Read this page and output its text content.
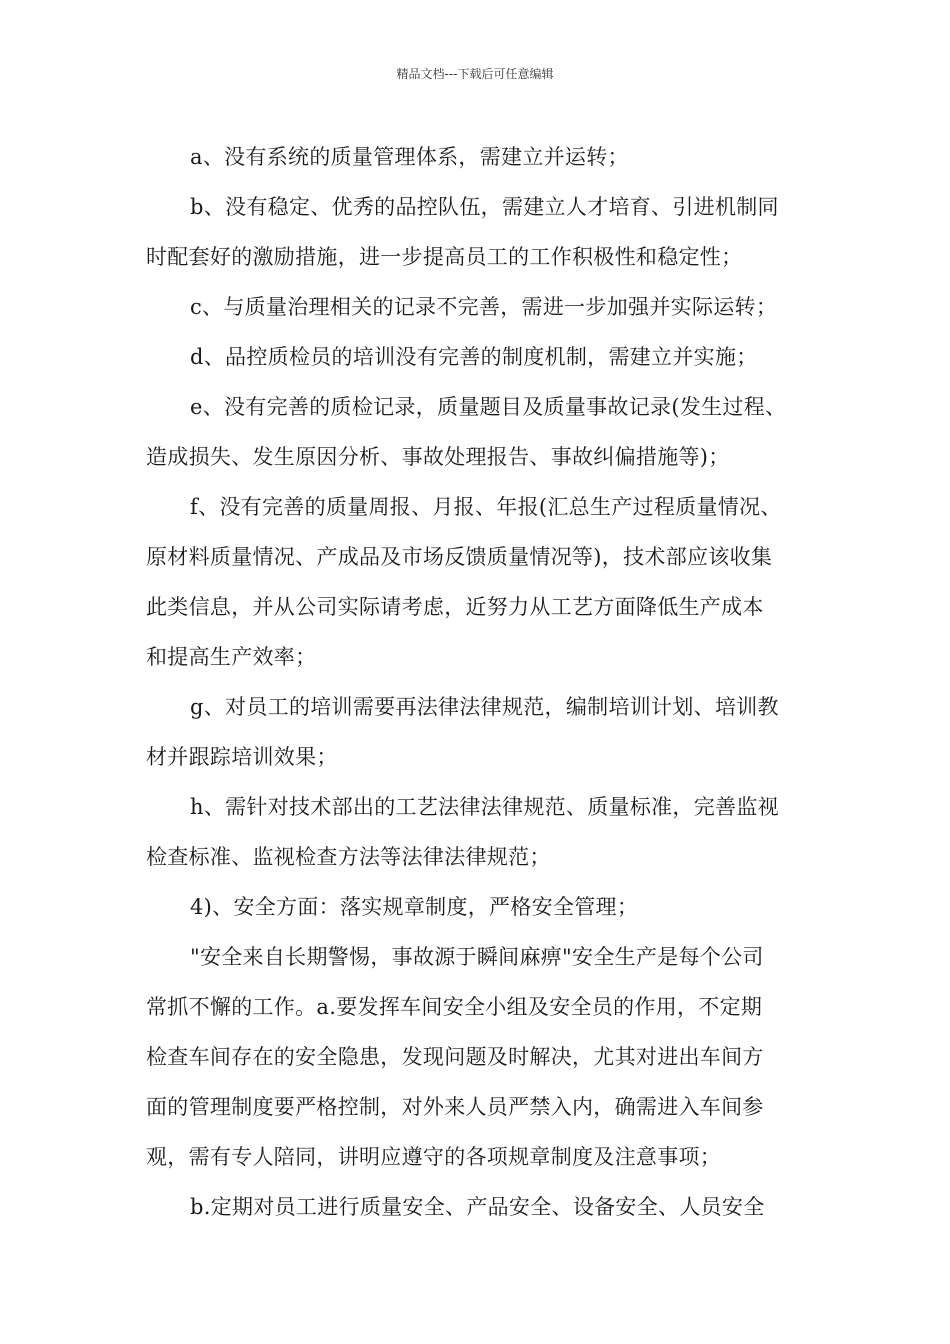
精品文档---下载后可任意编辑

a、没有系统的质量管理体系，需建立并运转；

b、没有稳定、优秀的品控队伍，需建立人才培育、引进机制同
时配套好的激励措施，进一步提高员工的工作积极性和稳定性；

c、与质量治理相关的记录不完善，需进一步加强并实际运转；

d、品控质检员的培训没有完善的制度机制，需建立并实施；

e、没有完善的质检记录，质量题目及质量事故记录(发生过程、
造成损失、发生原因分析、事故处理报告、事故纠偏措施等)；

f、没有完善的质量周报、月报、年报(汇总生产过程质量情况、
原材料质量情况、产成品及市场反馈质量情况等)，技术部应该收集
此类信息，并从公司实际请考虑，近努力从工艺方面降低生产成本
和提高生产效率；

g、对员工的培训需要再法律法律规范，编制培训计划、培训教
材并跟踪培训效果；

h、需针对技术部出的工艺法律法律规范、质量标准，完善监视
检查标准、监视检查方法等法律法律规范；

4)、安全方面：落实规章制度，严格安全管理；

"安全来自长期警惕，事故源于瞬间麻痹"安全生产是每个公司
常抓不懈的工作。a.要发挥车间安全小组及安全员的作用，不定期
检查车间存在的安全隐患，发现问题及时解决，尤其对进出车间方
面的管理制度要严格控制，对外来人员严禁入内，确需进入车间参
观，需有专人陪同，讲明应遵守的各项规章制度及注意事项；

b.定期对员工进行质量安全、产品安全、设备安全、人员安全
